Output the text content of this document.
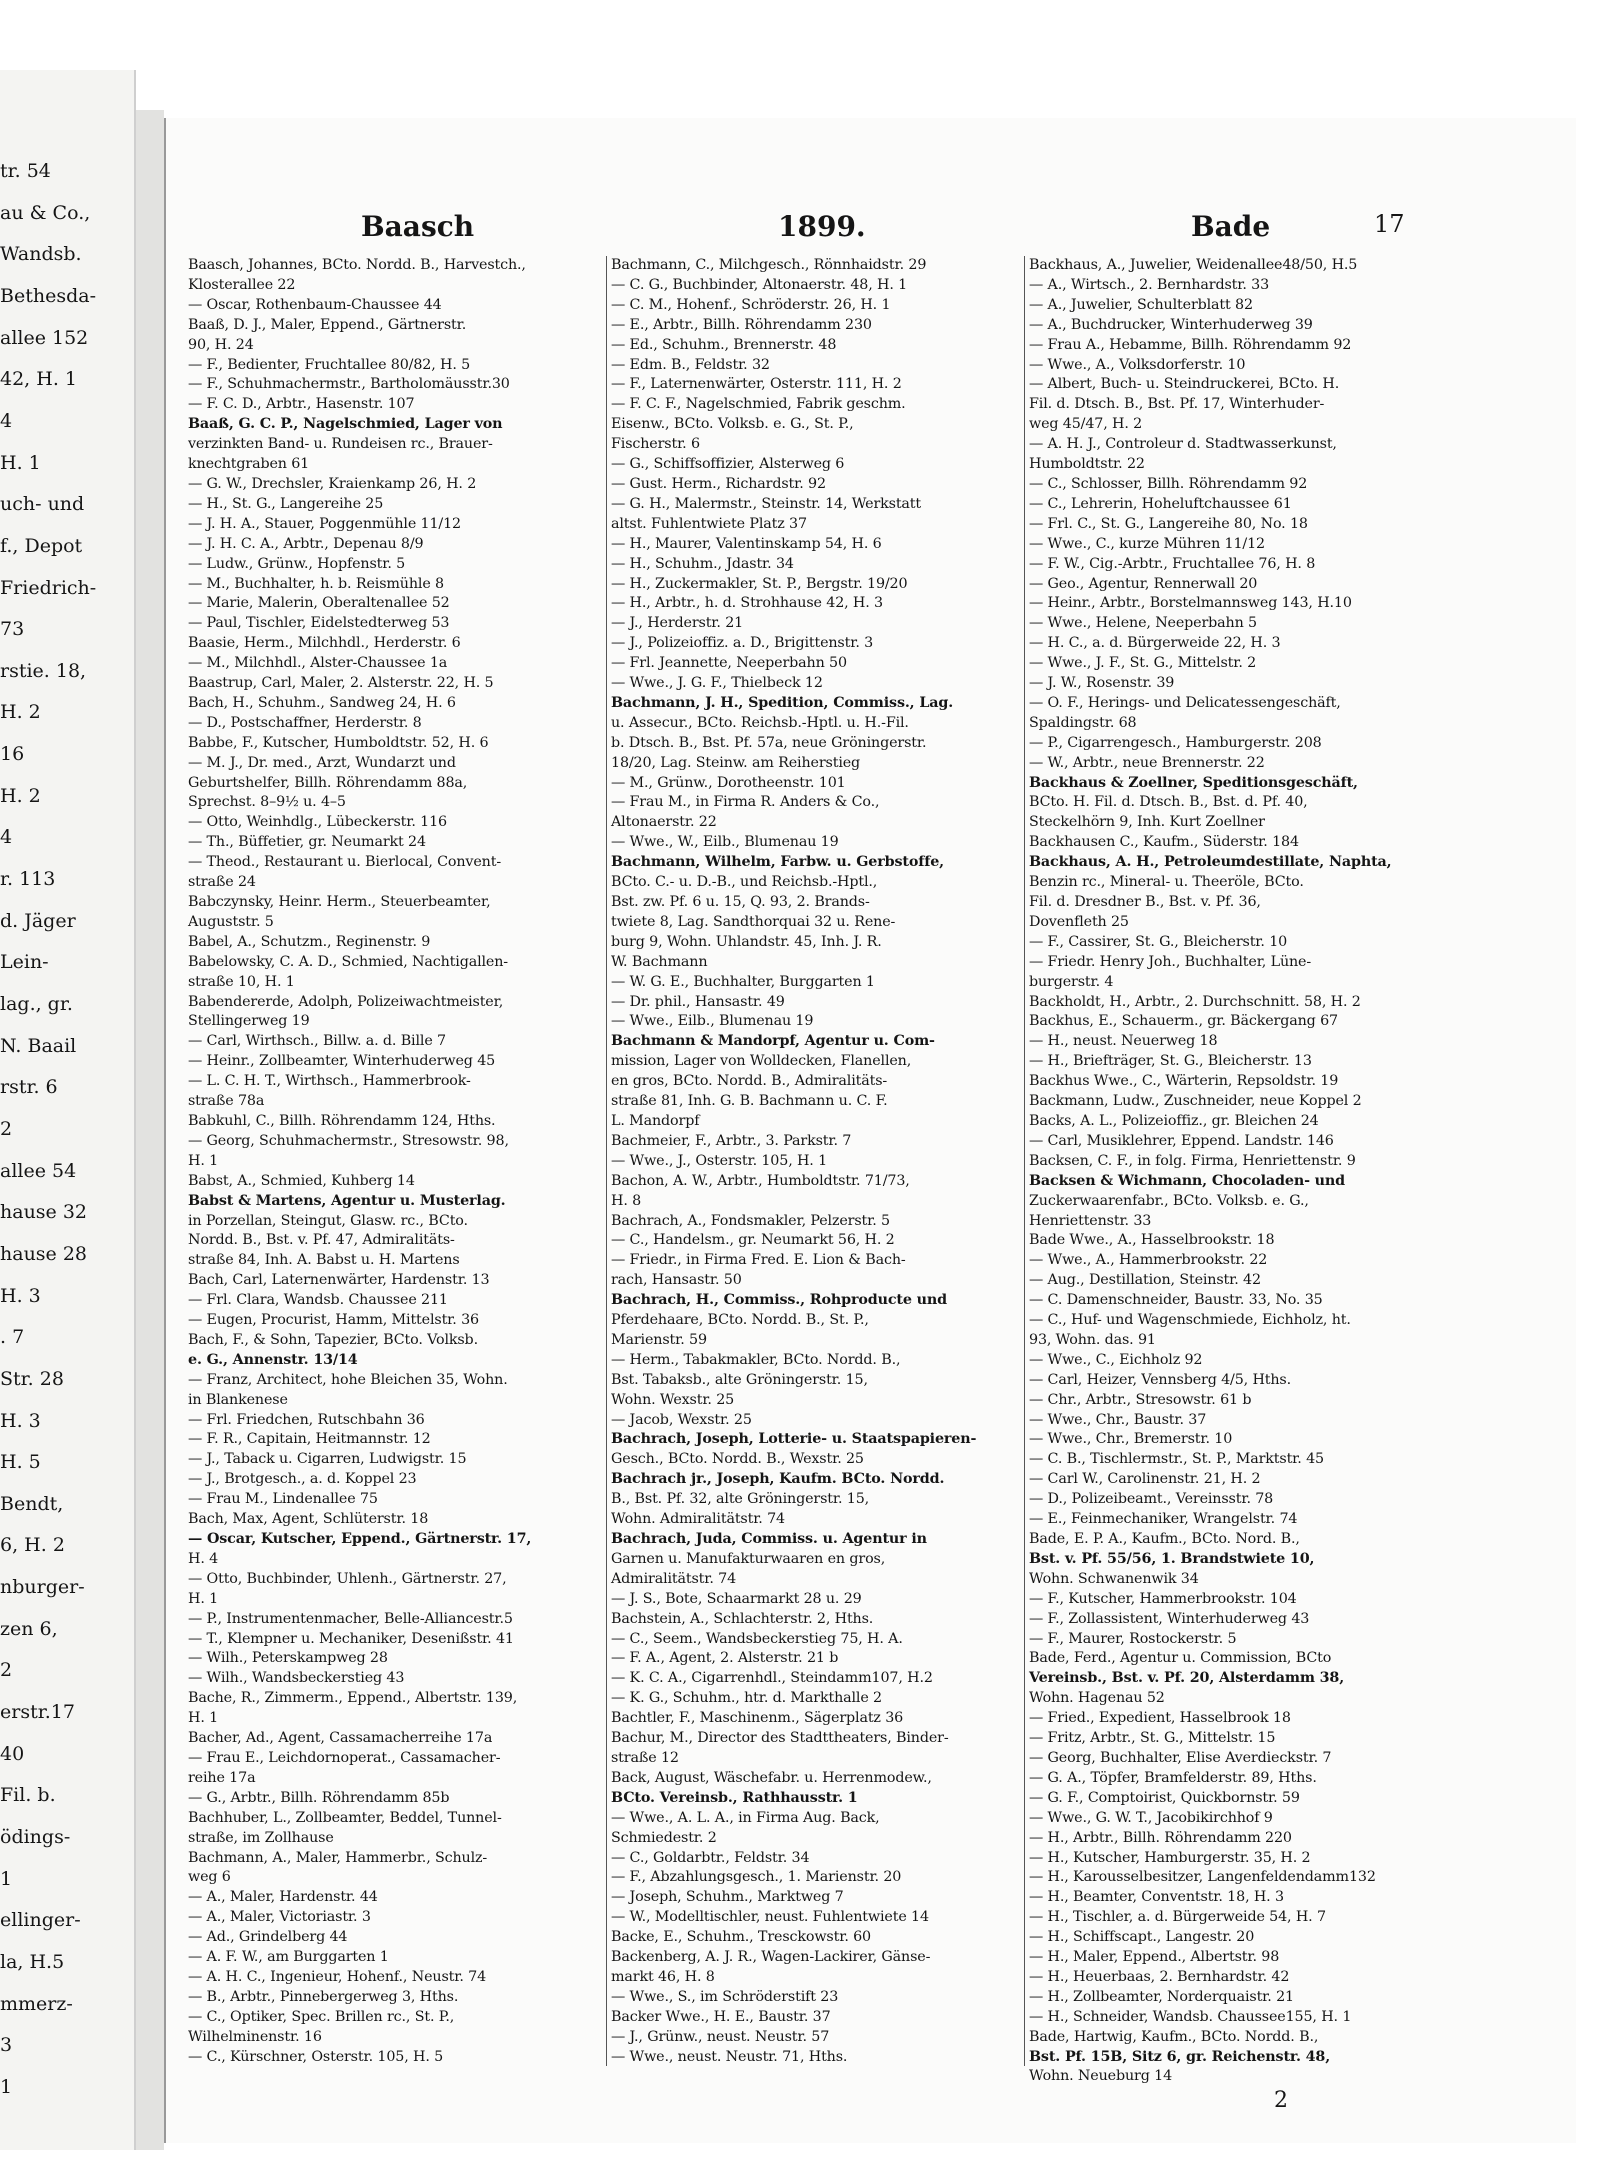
tr. 54
au & Co.,
Wandsb.
Bethesda-
allee 152
42, H. 1
4
H. 1
uch- und
f., Depot
Friedrich-
73
rstie. 18,
H. 2
16
H. 2
4
r. 113
d. Jäger
Lein-
lag., gr.
N. Baail
rstr. 6
2
allee 54
hause 32
hause 28
H. 3
. 7
Str. 28
H. 3
H. 5
Bendt,
6, H. 2
nburger-
zen 6,
2
erstr.17
40
Fil. b.
ödings-
1
ellinger-
la, H.5
mmerz-
3
1
Baasch	1899.	Bade	17
Baasch, Johannes, BCto. Nordd. B., Harvestch.,
Klosterallee 22
— Oscar, Rothenbaum-Chaussee 44
Baaß, D. J., Maler, Eppend., Gärtnerstr.
90, H. 24
— F., Bedienter, Fruchtallee 80/82, H. 5
— F., Schuhmachermstr., Bartholomäusstr.30
— F. C. D., Arbtr., Hasenstr. 107
Baaß, G. C. P., Nagelschmied, Lager von
verzinkten Band- u. Rundeisen rc., Brauer-
knechtgraben 61
— G. W., Drechsler, Kraienkamp 26, H. 2
— H., St. G., Langereihe 25
— J. H. A., Stauer, Poggenmühle 11/12
— J. H. C. A., Arbtr., Depenau 8/9
— Ludw., Grünw., Hopfenstr. 5
— M., Buchhalter, h. b. Reismühle 8
— Marie, Malerin, Oberaltenallee 52
— Paul, Tischler, Eidelstedterweg 53
Baasie, Herm., Milchhdl., Herderstr. 6
— M., Milchhdl., Alster-Chaussee 1a
Baastrup, Carl, Maler, 2. Alsterstr. 22, H. 5
Bach, H., Schuhm., Sandweg 24, H. 6
— D., Postschaffner, Herderstr. 8
Babbe, F., Kutscher, Humboldtstr. 52, H. 6
— M. J., Dr. med., Arzt, Wundarzt und
Geburtshelfer, Billh. Röhrendamm 88a,
Sprechst. 8–9½ u. 4–5
— Otto, Weinhdlg., Lübeckerstr. 116
— Th., Büffetier, gr. Neumarkt 24
— Theod., Restaurant u. Bierlocal, Convent-
straße 24
Babczynsky, Heinr. Herm., Steuerbeamter,
Auguststr. 5
Babel, A., Schutzm., Reginenstr. 9
Babelowsky, C. A. D., Schmied, Nachtigallen-
straße 10, H. 1
Babendererde, Adolph, Polizeiwachtmeister,
Stellingerweg 19
— Carl, Wirthsch., Billw. a. d. Bille 7
— Heinr., Zollbeamter, Winterhuderweg 45
— L. C. H. T., Wirthsch., Hammerbrook-
straße 78a
Babkuhl, C., Billh. Röhrendamm 124, Hths.
— Georg, Schuhmachermstr., Stresowstr. 98,
H. 1
Babst, A., Schmied, Kuhberg 14
Babst & Martens, Agentur u. Musterlag.
in Porzellan, Steingut, Glasw. rc., BCto.
Nordd. B., Bst. v. Pf. 47, Admiralitäts-
straße 84, Inh. A. Babst u. H. Martens
Bach, Carl, Laternenwärter, Hardenstr. 13
— Frl. Clara, Wandsb. Chaussee 211
— Eugen, Procurist, Hamm, Mittelstr. 36
Bach, F., & Sohn, Tapezier, BCto. Volksb.
e. G., Annenstr. 13/14
— Franz, Architect, hohe Bleichen 35, Wohn.
in Blankenese
— Frl. Friedchen, Rutschbahn 36
— F. R., Capitain, Heitmannstr. 12
— J., Taback u. Cigarren, Ludwigstr. 15
— J., Brotgesch., a. d. Koppel 23
— Frau M., Lindenallee 75
Bach, Max, Agent, Schlüterstr. 18
— Oscar, Kutscher, Eppend., Gärtnerstr. 17,
H. 4
— Otto, Buchbinder, Uhlenh., Gärtnerstr. 27,
H. 1
— P., Instrumentenmacher, Belle-Alliancestr.5
— T., Klempner u. Mechaniker, Desenißstr. 41
— Wilh., Peterskampweg 28
— Wilh., Wandsbeckerstieg 43
Bache, R., Zimmerm., Eppend., Albertstr. 139,
H. 1
Bacher, Ad., Agent, Cassamacherreihe 17a
— Frau E., Leichdornoperat., Cassamacher-
reihe 17a
— G., Arbtr., Billh. Röhrendamm 85b
Bachhuber, L., Zollbeamter, Beddel, Tunnel-
straße, im Zollhause
Bachmann, A., Maler, Hammerbr., Schulz-
weg 6
— A., Maler, Hardenstr. 44
— A., Maler, Victoriastr. 3
— Ad., Grindelberg 44
— A. F. W., am Burggarten 1
— A. H. C., Ingenieur, Hohenf., Neustr. 74
— B., Arbtr., Pinnebergerweg 3, Hths.
— C., Optiker, Spec. Brillen rc., St. P.,
Wilhelminenstr. 16
— C., Kürschner, Osterstr. 105, H. 5
Bachmann, C., Milchgesch., Rönnhaidstr. 29
— C. G., Buchbinder, Altonaerstr. 48, H. 1
— C. M., Hohenf., Schröderstr. 26, H. 1
— E., Arbtr., Billh. Röhrendamm 230
— Ed., Schuhm., Brennerstr. 48
— Edm. B., Feldstr. 32
— F., Laternenwärter, Osterstr. 111, H. 2
— F. C. F., Nagelschmied, Fabrik geschm.
Eisenw., BCto. Volksb. e. G., St. P.,
Fischerstr. 6
— G., Schiffsoffizier, Alsterweg 6
— Gust. Herm., Richardstr. 92
— G. H., Malermstr., Steinstr. 14, Werkstatt
altst. Fuhlentwiete Platz 37
— H., Maurer, Valentinskamp 54, H. 6
— H., Schuhm., Jdastr. 34
— H., Zuckermakler, St. P., Bergstr. 19/20
— H., Arbtr., h. d. Strohhause 42, H. 3
— J., Herderstr. 21
— J., Polizeioffiz. a. D., Brigittenstr. 3
— Frl. Jeannette, Neeperbahn 50
— Wwe., J. G. F., Thielbeck 12
Bachmann, J. H., Spedition, Commiss., Lag.
u. Assecur., BCto. Reichsb.-Hptl. u. H.-Fil.
b. Dtsch. B., Bst. Pf. 57a, neue Gröningerstr.
18/20, Lag. Steinw. am Reiherstieg
— M., Grünw., Dorotheenstr. 101
— Frau M., in Firma R. Anders & Co.,
Altonaerstr. 22
— Wwe., W., Eilb., Blumenau 19
Bachmann, Wilhelm, Farbw. u. Gerbstoffe,
BCto. C.- u. D.-B., und Reichsb.-Hptl.,
Bst. zw. Pf. 6 u. 15, Q. 93, 2. Brands-
twiete 8, Lag. Sandthorquai 32 u. Rene-
burg 9, Wohn. Uhlandstr. 45, Inh. J. R.
W. Bachmann
— W. G. E., Buchhalter, Burggarten 1
— Dr. phil., Hansastr. 49
— Wwe., Eilb., Blumenau 19
Bachmann & Mandorpf, Agentur u. Com-
mission, Lager von Wolldecken, Flanellen,
en gros, BCto. Nordd. B., Admiralitäts-
straße 81, Inh. G. B. Bachmann u. C. F.
L. Mandorpf
Bachmeier, F., Arbtr., 3. Parkstr. 7
— Wwe., J., Osterstr. 105, H. 1
Bachon, A. W., Arbtr., Humboldtstr. 71/73,
H. 8
Bachrach, A., Fondsmakler, Pelzerstr. 5
— C., Handelsm., gr. Neumarkt 56, H. 2
— Friedr., in Firma Fred. E. Lion & Bach-
rach, Hansastr. 50
Bachrach, H., Commiss., Rohproducte und
Pferdehaare, BCto. Nordd. B., St. P.,
Marienstr. 59
— Herm., Tabakmakler, BCto. Nordd. B.,
Bst. Tabaksb., alte Gröningerstr. 15,
Wohn. Wexstr. 25
— Jacob, Wexstr. 25
Bachrach, Joseph, Lotterie- u. Staatspapieren-
Gesch., BCto. Nordd. B., Wexstr. 25
Bachrach jr., Joseph, Kaufm. BCto. Nordd.
B., Bst. Pf. 32, alte Gröningerstr. 15,
Wohn. Admiralitätstr. 74
Bachrach, Juda, Commiss. u. Agentur in
Garnen u. Manufakturwaaren en gros,
Admiralitätstr. 74
— J. S., Bote, Schaarmarkt 28 u. 29
Bachstein, A., Schlachterstr. 2, Hths.
— C., Seem., Wandsbeckerstieg 75, H. A.
— F. A., Agent, 2. Alsterstr. 21 b
— K. C. A., Cigarrenhdl., Steindamm107, H.2
— K. G., Schuhm., htr. d. Markthalle 2
Bachtler, F., Maschinenm., Sägerplatz 36
Bachur, M., Director des Stadttheaters, Binder-
straße 12
Back, August, Wäschefabr. u. Herrenmodew.,
BCto. Vereinsb., Rathhausstr. 1
— Wwe., A. L. A., in Firma Aug. Back,
Schmiedestr. 2
— C., Goldarbtr., Feldstr. 34
— F., Abzahlungsgesch., 1. Marienstr. 20
— Joseph, Schuhm., Marktweg 7
— W., Modelltischler, neust. Fuhlentwiete 14
Backe, E., Schuhm., Tresckowstr. 60
Backenberg, A. J. R., Wagen-Lackirer, Gänse-
markt 46, H. 8
— Wwe., S., im Schröderstift 23
Backer Wwe., H. E., Baustr. 37
— J., Grünw., neust. Neustr. 57
— Wwe., neust. Neustr. 71, Hths.
Backhaus, A., Juwelier, Weidenallee48/50, H.5
— A., Wirtsch., 2. Bernhardstr. 33
— A., Juwelier, Schulterblatt 82
— A., Buchdrucker, Winterhuderweg 39
— Frau A., Hebamme, Billh. Röhrendamm 92
— Wwe., A., Volksdorferstr. 10
— Albert, Buch- u. Steindruckerei, BCto. H.
Fil. d. Dtsch. B., Bst. Pf. 17, Winterhuder-
weg 45/47, H. 2
— A. H. J., Controleur d. Stadtwasserkunst,
Humboldtstr. 22
— C., Schlosser, Billh. Röhrendamm 92
— C., Lehrerin, Hoheluftchaussee 61
— Frl. C., St. G., Langereihe 80, No. 18
— Wwe., C., kurze Mühren 11/12
— F. W., Cig.-Arbtr., Fruchtallee 76, H. 8
— Geo., Agentur, Rennerwall 20
— Heinr., Arbtr., Borstelmannsweg 143, H.10
— Wwe., Helene, Neeperbahn 5
— H. C., a. d. Bürgerweide 22, H. 3
— Wwe., J. F., St. G., Mittelstr. 2
— J. W., Rosenstr. 39
— O. F., Herings- und Delicatessengeschäft,
Spaldingstr. 68
— P., Cigarrengesch., Hamburgerstr. 208
— W., Arbtr., neue Brennerstr. 22
Backhaus & Zoellner, Speditionsgeschäft,
BCto. H. Fil. d. Dtsch. B., Bst. d. Pf. 40,
Steckelhörn 9, Inh. Kurt Zoellner
Backhausen C., Kaufm., Süderstr. 184
Backhaus, A. H., Petroleumdestillate, Naphta,
Benzin rc., Mineral- u. Theeröle, BCto.
Fil. d. Dresdner B., Bst. v. Pf. 36,
Dovenfleth 25
— F., Cassirer, St. G., Bleicherstr. 10
— Friedr. Henry Joh., Buchhalter, Lüne-
burgerstr. 4
Backholdt, H., Arbtr., 2. Durchschnitt. 58, H. 2
Backhus, E., Schauerm., gr. Bäckergang 67
— H., neust. Neuerweg 18
— H., Briefträger, St. G., Bleicherstr. 13
Backhus Wwe., C., Wärterin, Repsoldstr. 19
Backmann, Ludw., Zuschneider, neue Koppel 2
Backs, A. L., Polizeioffiz., gr. Bleichen 24
— Carl, Musiklehrer, Eppend. Landstr. 146
Backsen, C. F., in folg. Firma, Henriettenstr. 9
Backsen & Wichmann, Chocoladen- und
Zuckerwaarenfabr., BCto. Volksb. e. G.,
Henriettenstr. 33
Bade Wwe., A., Hasselbrookstr. 18
— Wwe., A., Hammerbrookstr. 22
— Aug., Destillation, Steinstr. 42
— C. Damenschneider, Baustr. 33, No. 35
— C., Huf- und Wagenschmiede, Eichholz, ht.
93, Wohn. das. 91
— Wwe., C., Eichholz 92
— Carl, Heizer, Vennsberg 4/5, Hths.
— Chr., Arbtr., Stresowstr. 61 b
— Wwe., Chr., Baustr. 37
— Wwe., Chr., Bremerstr. 10
— C. B., Tischlermstr., St. P., Marktstr. 45
— Carl W., Carolinenstr. 21, H. 2
— D., Polizeibeamt., Vereinsstr. 78
— E., Feinmechaniker, Wrangelstr. 74
Bade, E. P. A., Kaufm., BCto. Nord. B.,
Bst. v. Pf. 55/56, 1. Brandstwiete 10,
Wohn. Schwanenwik 34
— F., Kutscher, Hammerbrookstr. 104
— F., Zollassistent, Winterhuderweg 43
— F., Maurer, Rostockerstr. 5
Bade, Ferd., Agentur u. Commission, BCto
Vereinsb., Bst. v. Pf. 20, Alsterdamm 38,
Wohn. Hagenau 52
— Fried., Expedient, Hasselbrook 18
— Fritz, Arbtr., St. G., Mittelstr. 15
— Georg, Buchhalter, Elise Averdieckstr. 7
— G. A., Töpfer, Bramfelderstr. 89, Hths.
— G. F., Comptoirist, Quickbornstr. 59
— Wwe., G. W. T., Jacobikirchhof 9
— H., Arbtr., Billh. Röhrendamm 220
— H., Kutscher, Hamburgerstr. 35, H. 2
— H., Karousselbesitzer, Langenfeldendamm132
— H., Beamter, Conventstr. 18, H. 3
— H., Tischler, a. d. Bürgerweide 54, H. 7
— H., Schiffscapt., Langestr. 20
— H., Maler, Eppend., Albertstr. 98
— H., Heuerbaas, 2. Bernhardstr. 42
— H., Zollbeamter, Norderquaistr. 21
— H., Schneider, Wandsb. Chaussee155, H. 1
Bade, Hartwig, Kaufm., BCto. Nordd. B.,
Bst. Pf. 15B, Sitz 6, gr. Reichenstr. 48,
Wohn. Neueburg 14
2
